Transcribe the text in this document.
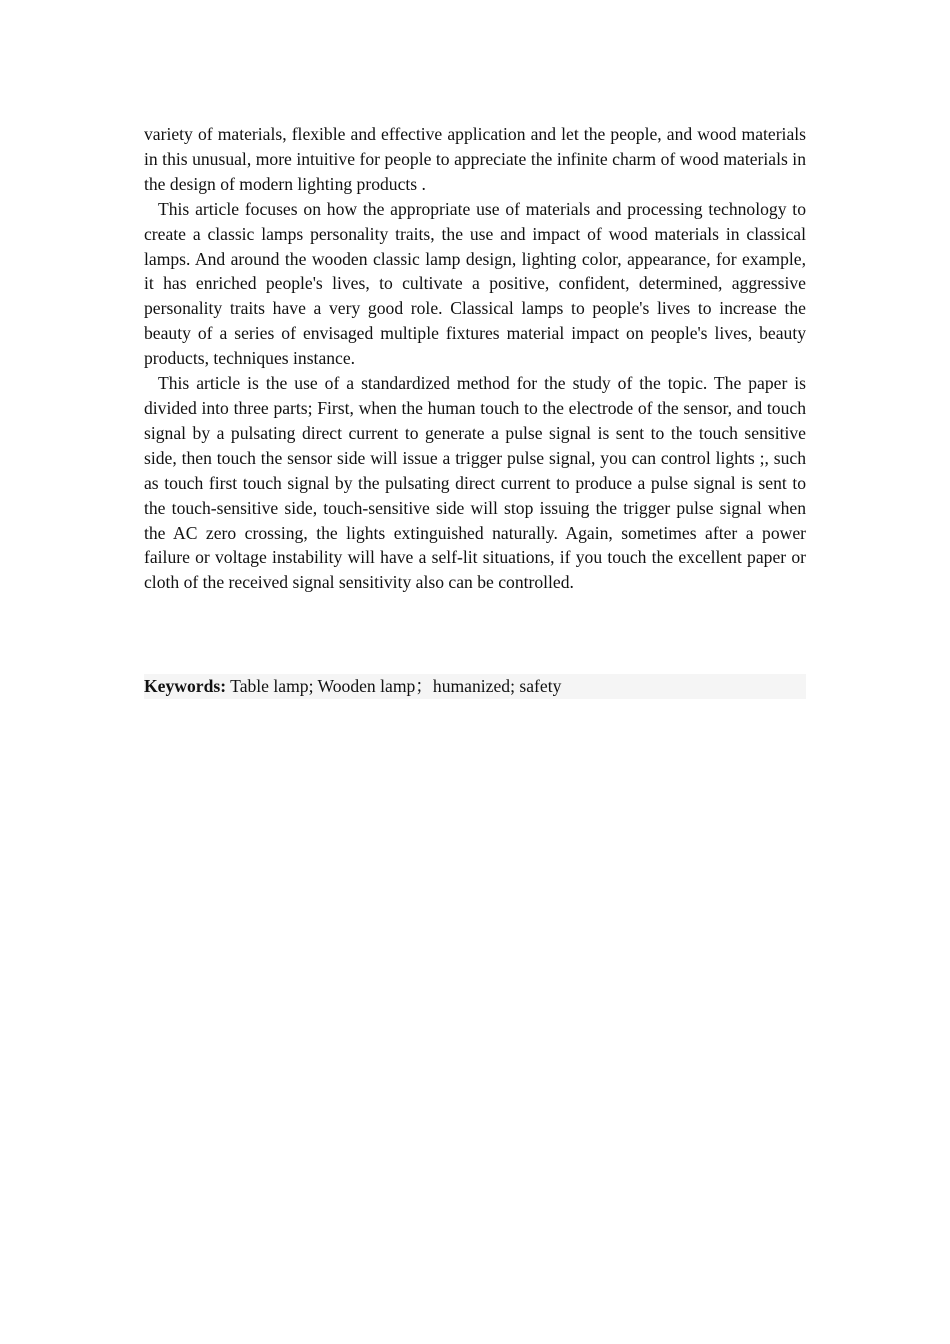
variety of materials, flexible and effective application and let the people, and wood materials in this unusual, more intuitive for people to appreciate the infinite charm of wood materials in the design of modern lighting products .

This article focuses on how the appropriate use of materials and processing technology to create a classic lamps personality traits, the use and impact of wood materials in classical lamps. And around the wooden classic lamp design, lighting color, appearance, for example, it has enriched people's lives, to cultivate a positive, confident, determined, aggressive personality traits have a very good role. Classical lamps to people's lives to increase the beauty of a series of envisaged multiple fixtures material impact on people's lives, beauty products, techniques instance.

This article is the use of a standardized method for the study of the topic. The paper is divided into three parts; First, when the human touch to the electrode of the sensor, and touch signal by a pulsating direct current to generate a pulse signal is sent to the touch sensitive side, then touch the sensor side will issue a trigger pulse signal, you can control lights ;, such as touch first touch signal by the pulsating direct current to produce a pulse signal is sent to the touch-sensitive side, touch-sensitive side will stop issuing the trigger pulse signal when the AC zero crossing, the lights extinguished naturally. Again, sometimes after a power failure or voltage instability will have a self-lit situations, if you touch the excellent paper or cloth of the received signal sensitivity also can be controlled.

Keywords: Table lamp; Wooden lamp；humanized; safety
